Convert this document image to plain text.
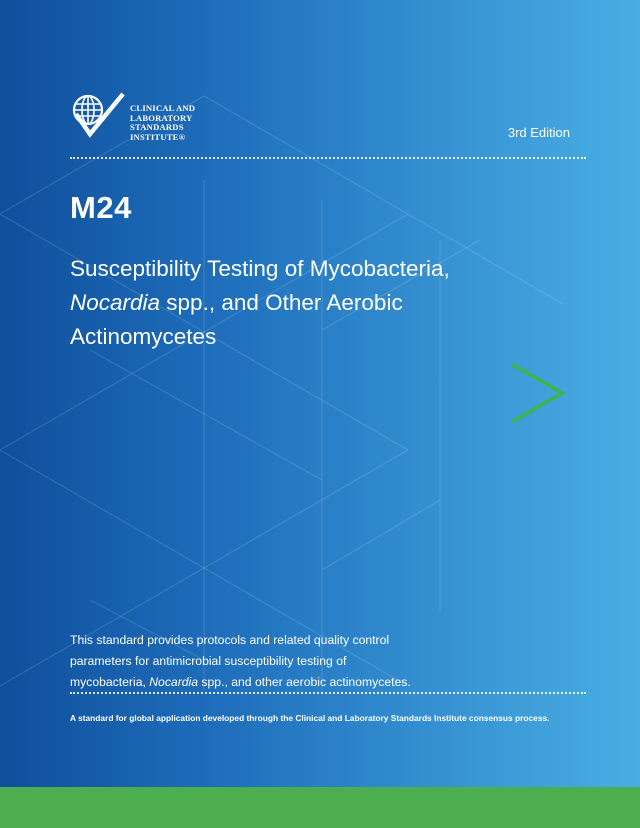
CLINICAL AND
LABORATORY
STANDARDS
INSTITUTE®	3rd Edition
M24
Susceptibility Testing of Mycobacteria,
Nocardia spp., and Other Aerobic
Actinomycetes
This standard provides protocols and related quality control
parameters for antimicrobial susceptibility testing of
mycobacteria, Nocardia spp., and other aerobic actinomycetes.
A standard for global application developed through the Clinical and Laboratory Standards Institute consensus process.
